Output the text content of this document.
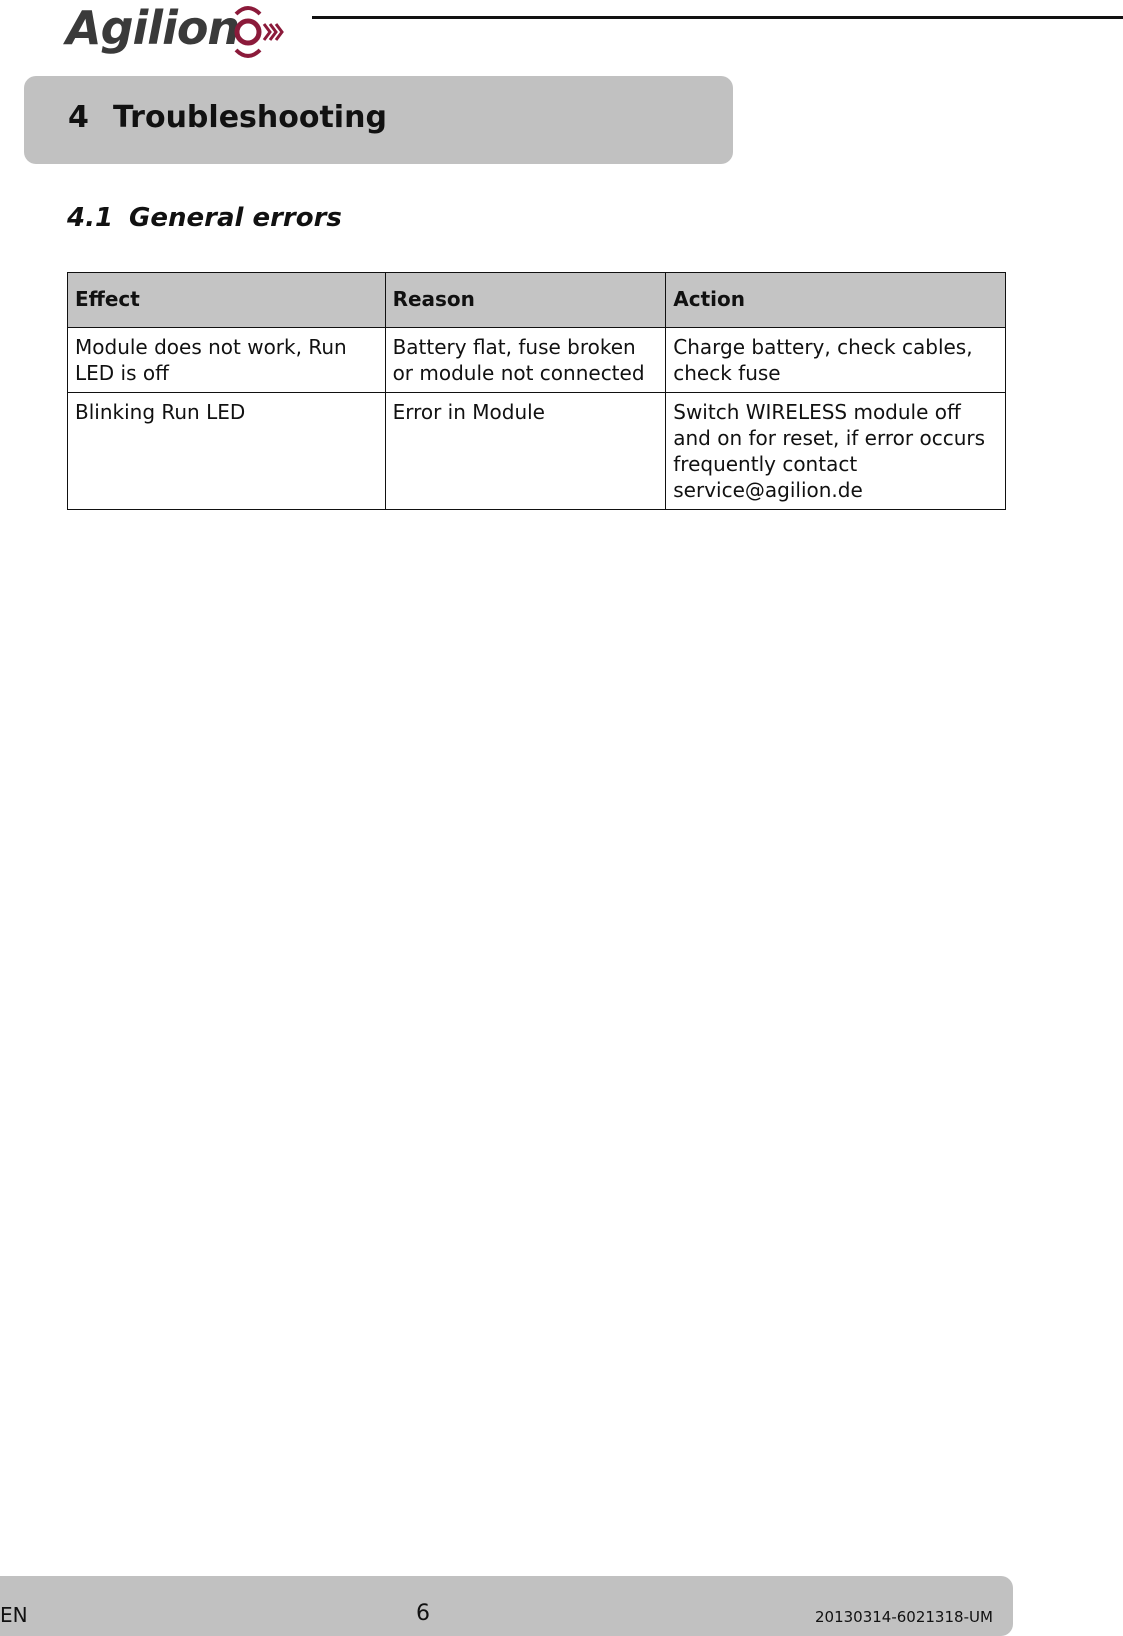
Agilion
4 Troubleshooting
4.1 General errors
Effect	Reason	Action
Module does not work, Run LED is off	Battery flat, fuse broken or module not connected	Charge battery, check cables, check fuse
Blinking Run LED	Error in Module	Switch WIRELESS module off and on for reset, if error occurs frequently contact service@agilion.de
EN	6	20130314-6021318-UM
